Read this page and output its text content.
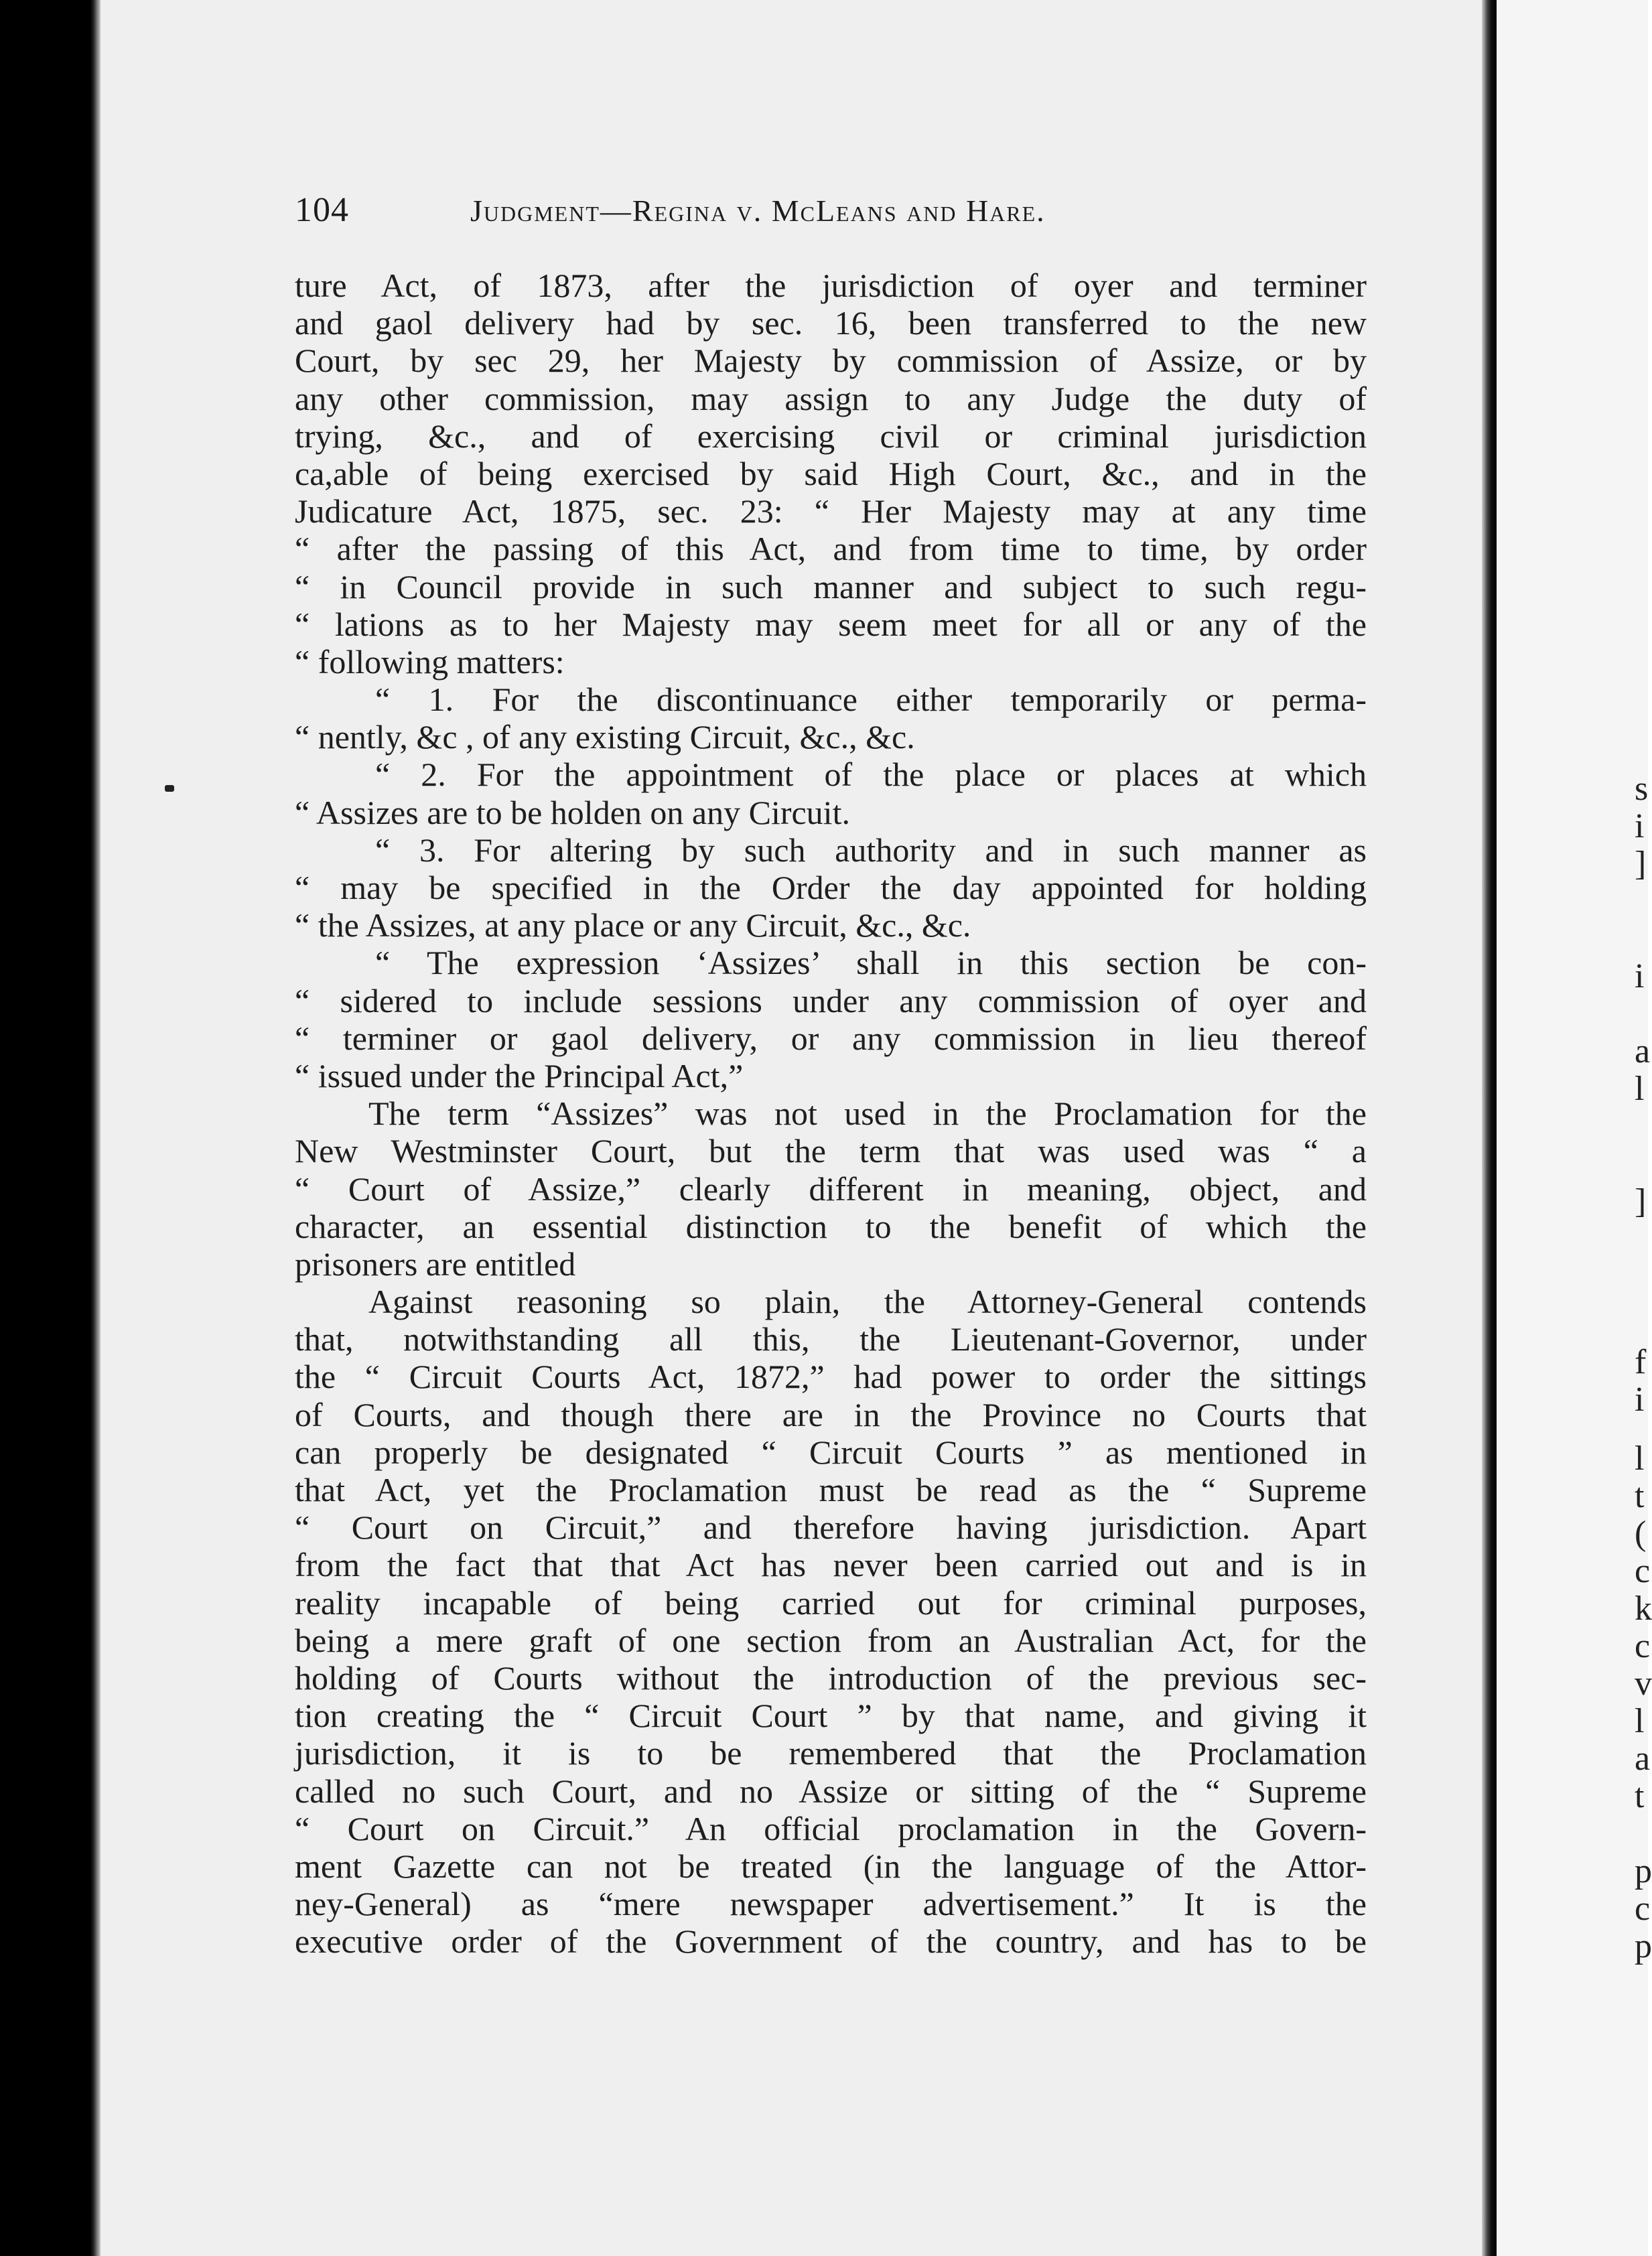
s
i
]
i
a
l
]
f
i
l
t
(
c
k
c
v
l
a
t
p
c
p
104	Judgment—Regina v. McLeans and Hare.
ture Act, of 1873, after the jurisdiction of oyer and terminer
and gaol delivery had by sec. 16, been transferred to the new
Court, by sec 29, her Majesty by commission of Assize, or by
any other commission, may assign to any Judge the duty of
trying, &c., and of exercising civil or criminal jurisdiction
ca,able of being exercised by said High Court, &c., and in the
Judicature Act, 1875, sec. 23: “ Her Majesty may at any time
“ after the passing of this Act, and from time to time, by order
“ in Council provide in such manner and subject to such regu-
“ lations as to her Majesty may seem meet for all or any of the
“ following matters:
“ 1. For the discontinuance either temporarily or perma-
“ nently, &c , of any existing Circuit, &c., &c.
“ 2. For the appointment of the place or places at which
“ Assizes are to be holden on any Circuit.
“ 3. For altering by such authority and in such manner as
“ may be specified in the Order the day appointed for holding
“ the Assizes, at any place or any Circuit, &c., &c.
“ The expression ‘Assizes’ shall in this section be con-
“ sidered to include sessions under any commission of oyer and
“ terminer or gaol delivery, or any commission in lieu thereof
“ issued under the Principal Act,”
The term “Assizes” was not used in the Proclamation for the
New Westminster Court, but the term that was used was “ a
“ Court of Assize,” clearly different in meaning, object, and
character, an essential distinction to the benefit of which the
prisoners are entitled
Against reasoning so plain, the Attorney-General contends
that, notwithstanding all this, the Lieutenant-Governor, under
the “ Circuit Courts Act, 1872,” had power to order the sittings
of Courts, and though there are in the Province no Courts that
can properly be designated “ Circuit Courts ” as mentioned in
that Act, yet the Proclamation must be read as the “ Supreme
“ Court on Circuit,” and therefore having jurisdiction. Apart
from the fact that that Act has never been carried out and is in
reality incapable of being carried out for criminal purposes,
being a mere graft of one section from an Australian Act, for the
holding of Courts without the introduction of the previous sec-
tion creating the “ Circuit Court ” by that name, and giving it
jurisdiction, it is to be remembered that the Proclamation
called no such Court, and no Assize or sitting of the “ Supreme
“ Court on Circuit.” An official proclamation in the Govern-
ment Gazette can not be treated (in the language of the Attor-
ney-General) as “mere newspaper advertisement.” It is the
executive order of the Government of the country, and has to be
